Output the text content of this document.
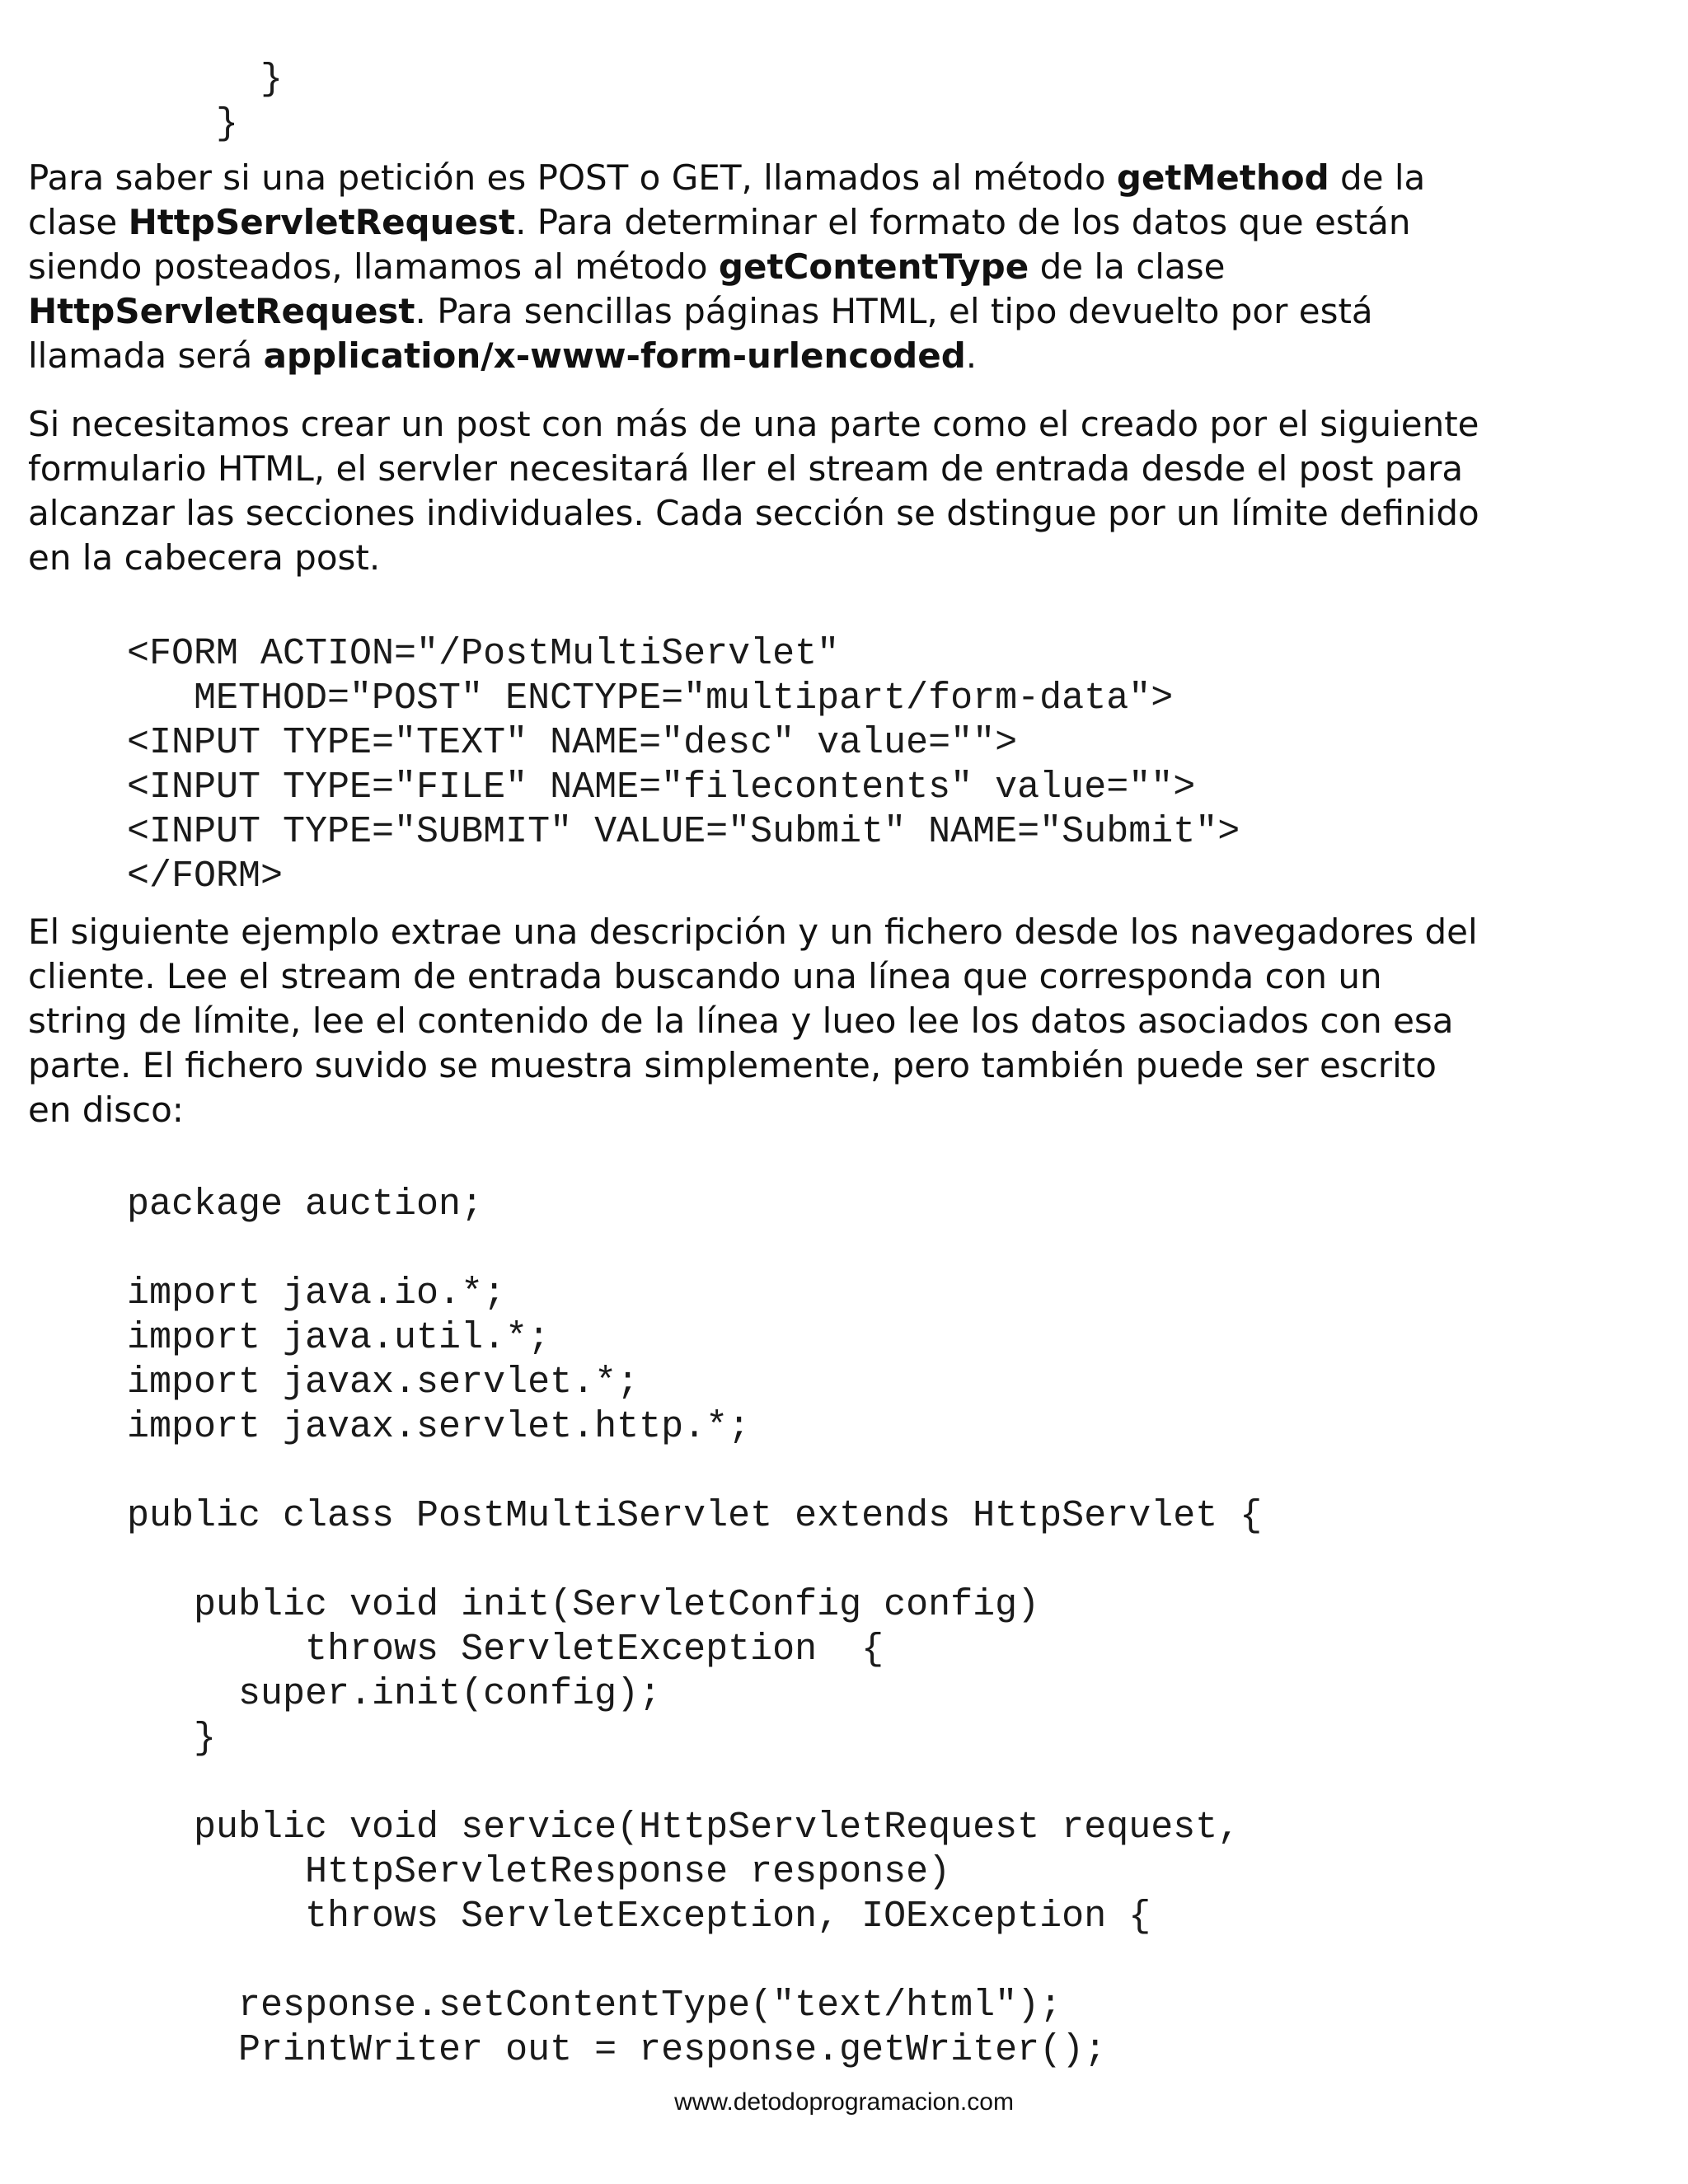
}
}
Para saber si una petición es POST o GET, llamados al método getMethod de la
clase HttpServletRequest. Para determinar el formato de los datos que están
siendo posteados, llamamos al método getContentType de la clase
HttpServletRequest. Para sencillas páginas HTML, el tipo devuelto por está
llamada será application/x-www-form-urlencoded.
Si necesitamos crear un post con más de una parte como el creado por el siguiente
formulario HTML, el servler necesitará ller el stream de entrada desde el post para
alcanzar las secciones individuales. Cada sección se dstingue por un límite definido
en la cabecera post.
<FORM ACTION="/PostMultiServlet"
METHOD="POST" ENCTYPE="multipart/form-data">
<INPUT TYPE="TEXT" NAME="desc" value="">
<INPUT TYPE="FILE" NAME="filecontents" value="">
<INPUT TYPE="SUBMIT" VALUE="Submit" NAME="Submit">
</FORM>
El siguiente ejemplo extrae una descripción y un fichero desde los navegadores del
cliente. Lee el stream de entrada buscando una línea que corresponda con un
string de límite, lee el contenido de la línea y lueo lee los datos asociados con esa
parte. El fichero suvido se muestra simplemente, pero también puede ser escrito
en disco:
package auction;
import java.io.*;
import java.util.*;
import javax.servlet.*;
import javax.servlet.http.*;
public class PostMultiServlet extends HttpServlet {
public void init(ServletConfig config)
throws ServletException  {
super.init(config);
}
public void service(HttpServletRequest request,
HttpServletResponse response)
throws ServletException, IOException {
response.setContentType("text/html");
PrintWriter out = response.getWriter();
www.detodoprogramacion.com
